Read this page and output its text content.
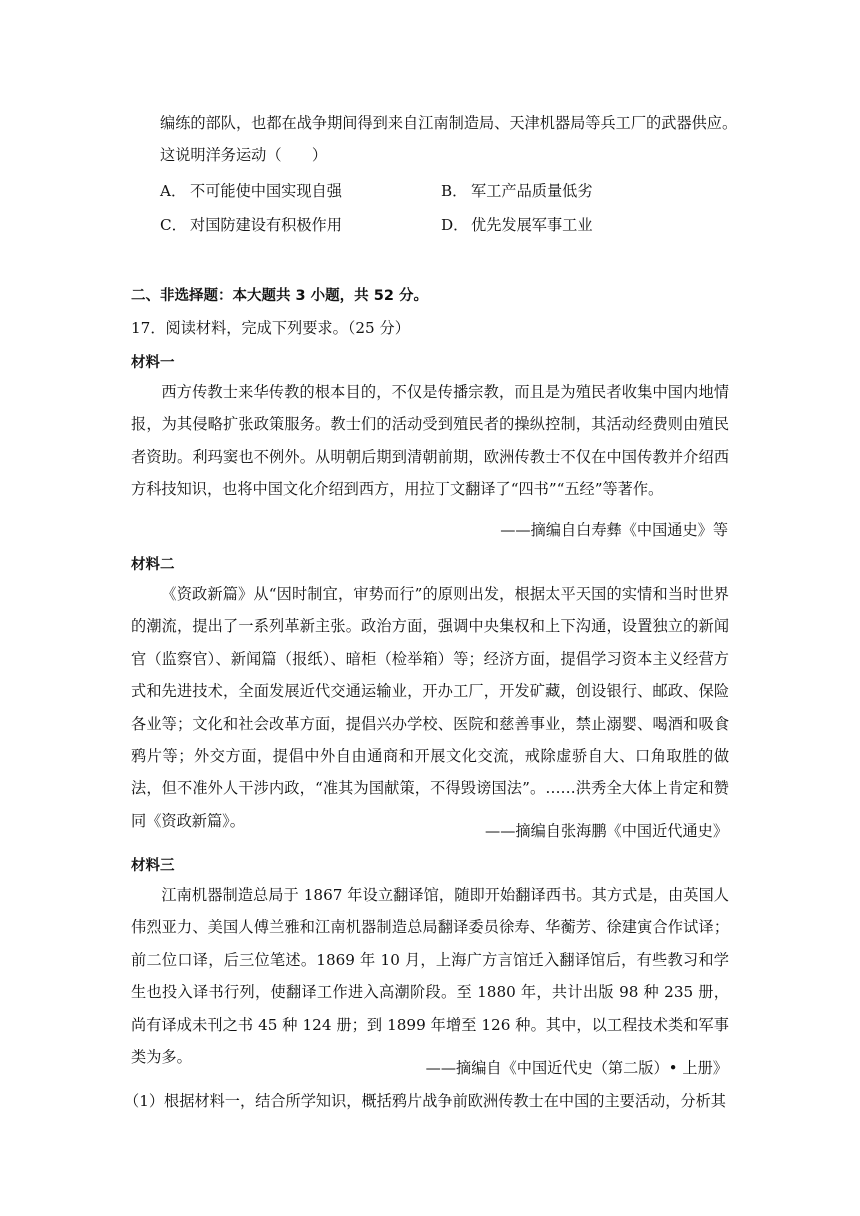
编练的部队，也都在战争期间得到来自江南制造局、天津机器局等兵工厂的武器供应。
这说明洋务运动（　　）
A． 不可能使中国实现自强	B． 军工产品质量低劣
C． 对国防建设有积极作用	D． 优先发展军事工业
二、非选择题：本大题共 3 小题，共 52 分。
17．阅读材料，完成下列要求。（25 分）
材料一

西方传教士来华传教的根本目的，不仅是传播宗教，而且是为殖民者收集中国内地情报，为其侵略扩张政策服务。教士们的活动受到殖民者的操纵控制，其活动经费则由殖民者资助。利玛窦也不例外。从明朝后期到清朝前期，欧洲传教士不仅在中国传教并介绍西方科技知识，也将中国文化介绍到西方，用拉丁文翻译了“四书”“五经”等著作。

——摘编自白寿彝《中国通史》等
材料二

《资政新篇》从“因时制宜，审势而行”的原则出发，根据太平天国的实情和当时世界的潮流，提出了一系列革新主张。政治方面，强调中央集权和上下沟通，设置独立的新闻官（监察官）、新闻篇（报纸）、暗柜（检举箱）等；经济方面，提倡学习资本主义经营方式和先进技术，全面发展近代交通运输业，开办工厂，开发矿藏，创设银行、邮政、保险各业等；文化和社会改革方面，提倡兴办学校、医院和慈善事业，禁止溺婴、喝酒和吸食鸦片等；外交方面，提倡中外自由通商和开展文化交流，戒除虚骄自大、口角取胜的做法，但不准外人干涉内政，“准其为国献策，不得毁谤国法”。……洪秀全大体上肯定和赞同《资政新篇》。

——摘编自张海鹏《中国近代通史》
材料三

江南机器制造总局于 1867 年设立翻译馆，随即开始翻译西书。其方式是，由英国人伟烈亚力、美国人傅兰雅和江南机器制造总局翻译委员徐寿、华蘅芳、徐建寅合作试译；前二位口译，后三位笔述。1869 年 10 月，上海广方言馆迁入翻译馆后，有些教习和学生也投入译书行列，使翻译工作进入高潮阶段。至 1880 年，共计出版 98 种 235 册，尚有译成未刊之书 45 种 124 册；到 1899 年增至 126 种。其中，以工程技术类和军事类为多。

——摘编自《中国近代史（第二版）• 上册》
（1）根据材料一，结合所学知识，概括鸦片战争前欧洲传教士在中国的主要活动，分析其
